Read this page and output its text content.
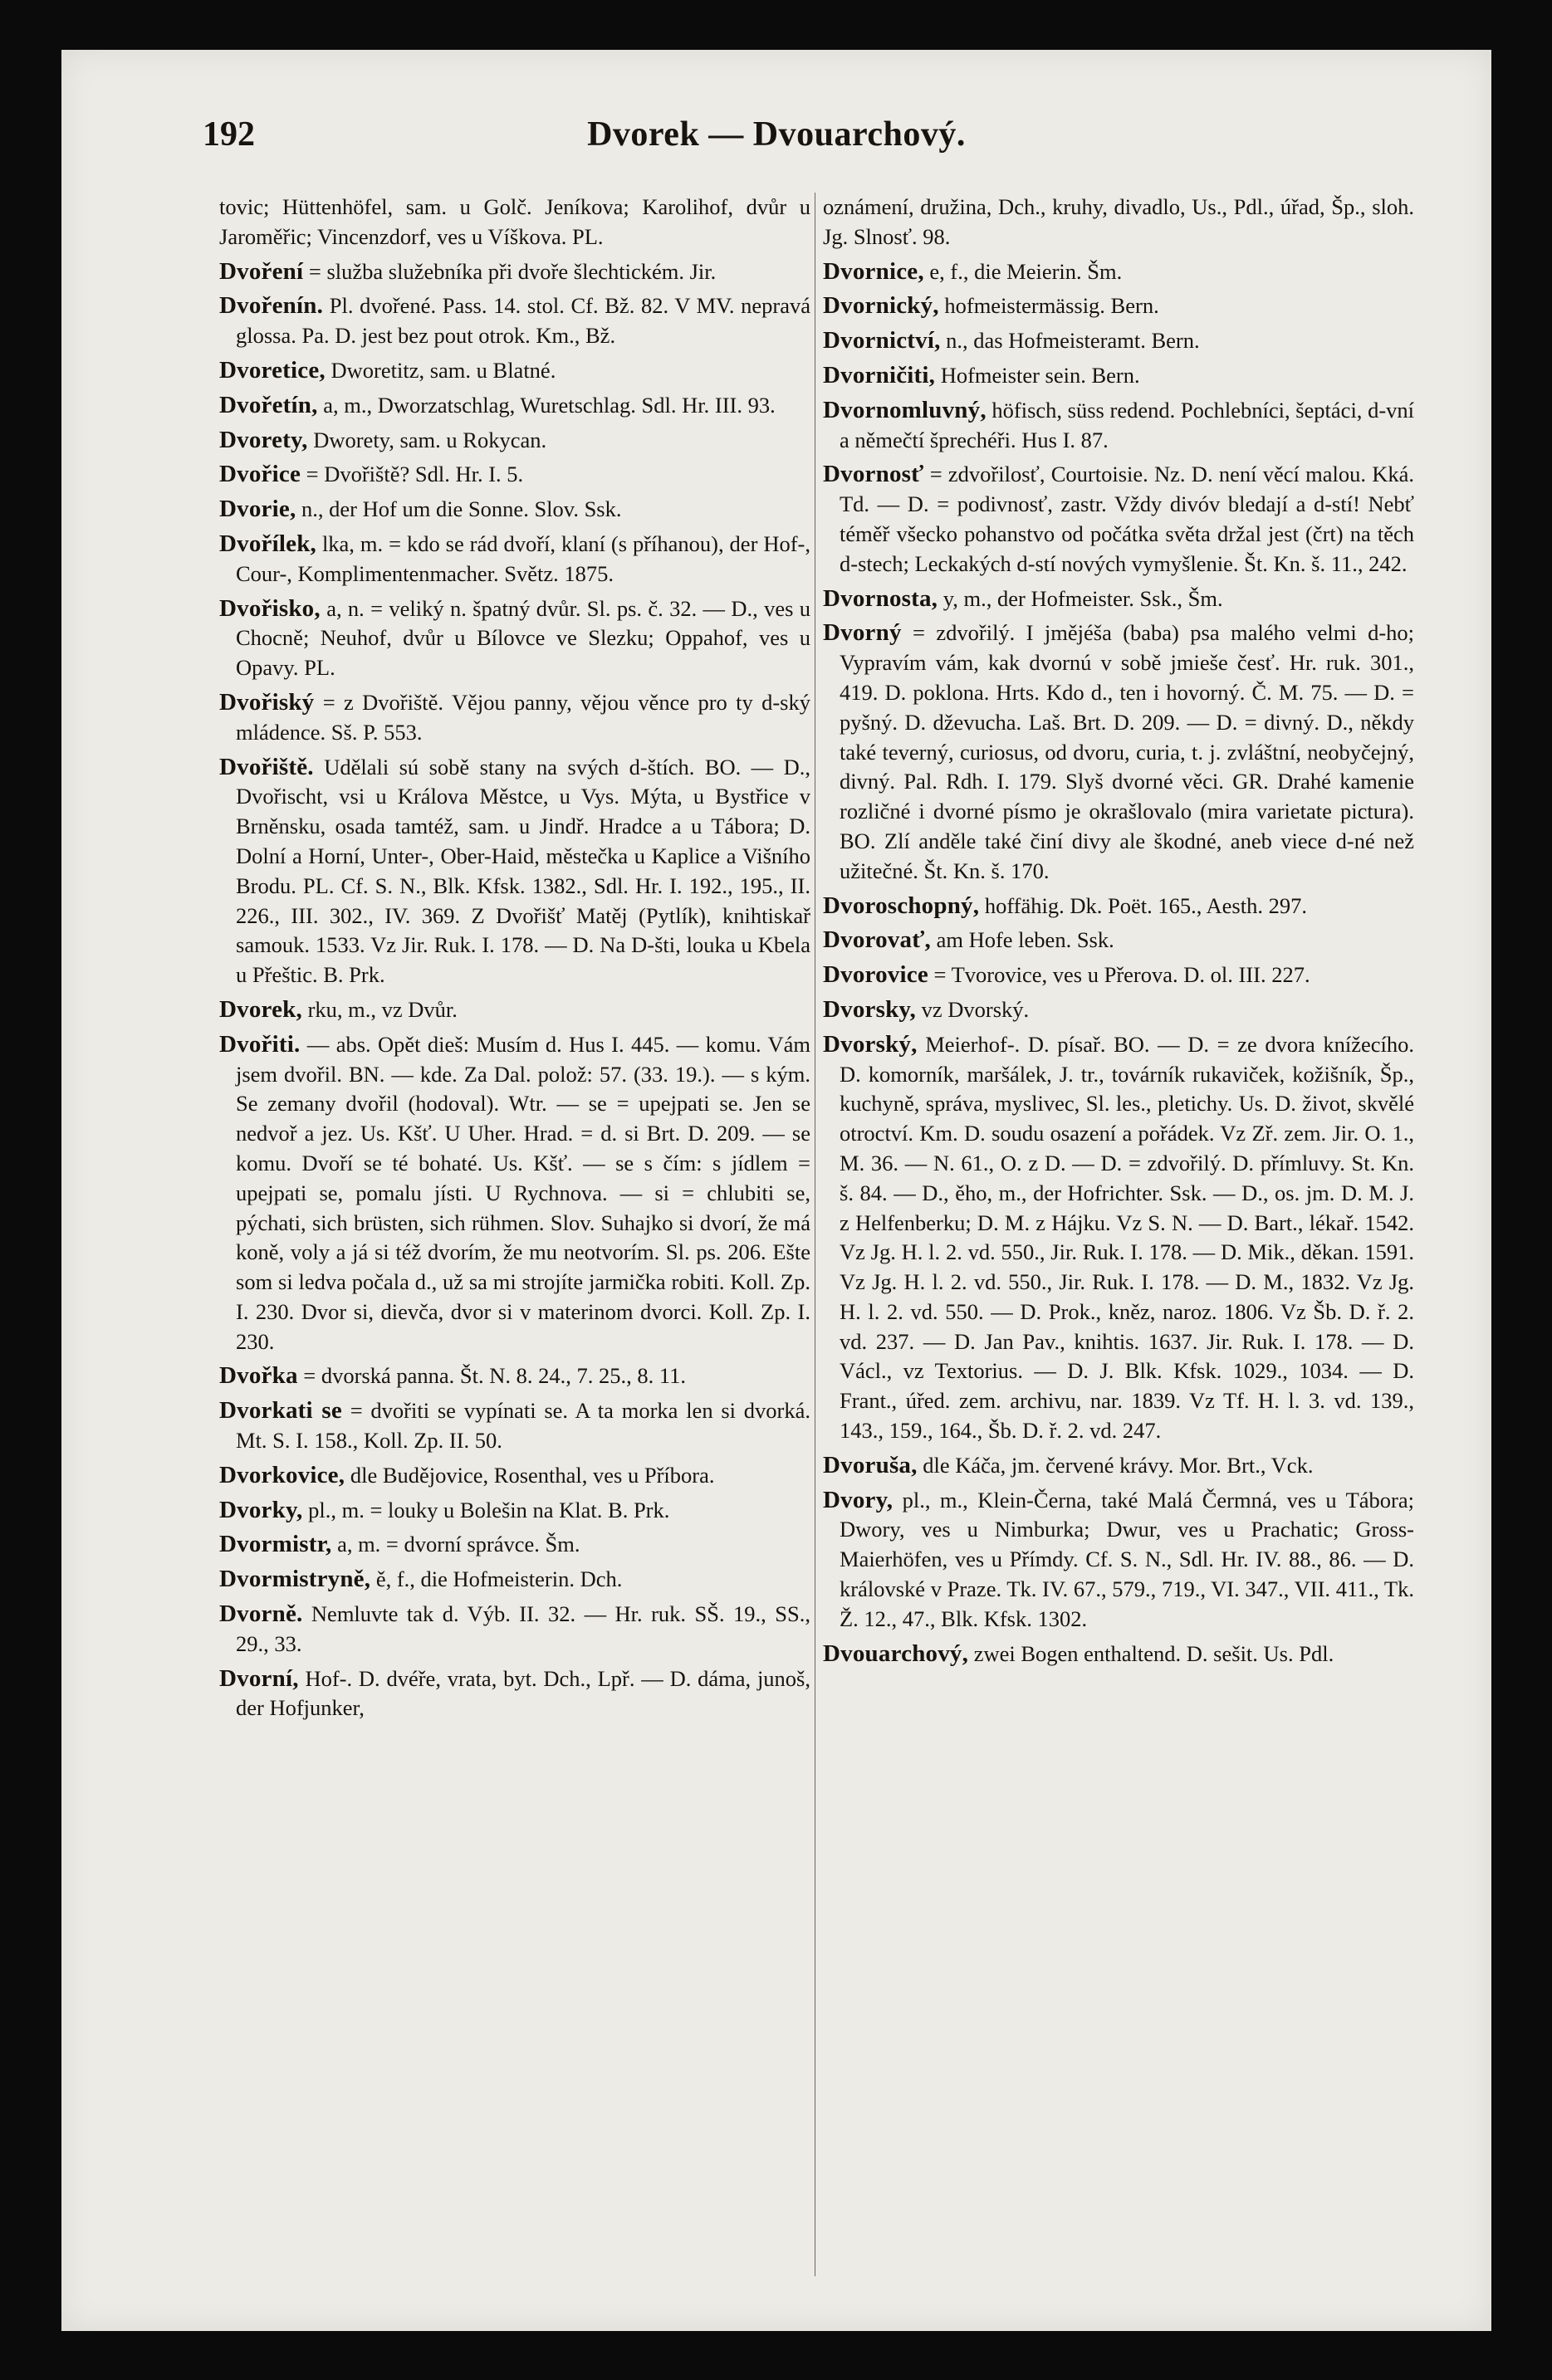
192	Dvorek — Dvouarchový.

tovic; Hüttenhöfel, sam. u Golč. Jeníkova; Karolihof, dvůr u Jaroměřic; Vincenzdorf, ves u Víškova. PL.

Dvoření = služba služebníka při dvoře šlechtickém. Jir.

Dvořenín. Pl. dvořené. Pass. 14. stol. Cf. Bž. 82. V MV. nepravá glossa. Pa. D. jest bez pout otrok. Km., Bž.

Dvoretice, Dworetitz, sam. u Blatné.

Dvořetín, a, m., Dworzatschlag, Wuretschlag. Sdl. Hr. III. 93.

Dvorety, Dworety, sam. u Rokycan.

Dvořice = Dvořiště? Sdl. Hr. I. 5.

Dvorie, n., der Hof um die Sonne. Slov. Ssk.

Dvořílek, lka, m. = kdo se rád dvoří, klaní (s příhanou), der Hof-, Cour-, Komplimentenmacher. Světz. 1875.

Dvořisko, a, n. = veliký n. špatný dvůr. Sl. ps. č. 32. — D., ves u Chocně; Neuhof, dvůr u Bílovce ve Slezku; Oppahof, ves u Opavy. PL.

Dvořiský = z Dvořiště. Vějou panny, vějou věnce pro ty d-ský mládence. Sš. P. 553.

Dvořiště. Udělali sú sobě stany na svých d-štích. BO. — D., Dvořischt, vsi u Králova Městce, u Vys. Mýta, u Bystřice v Brněnsku, osada tamtéž, sam. u Jindř. Hradce a u Tábora; D. Dolní a Horní, Unter-, Ober-Haid, městečka u Kaplice a Višního Brodu. PL. Cf. S. N., Blk. Kfsk. 1382., Sdl. Hr. I. 192., 195., II. 226., III. 302., IV. 369. Z Dvořišť Matěj (Pytlík), knihtiskař samouk. 1533. Vz Jir. Ruk. I. 178. — D. Na D-šti, louka u Kbela u Přeštic. B. Prk.

Dvorek, rku, m., vz Dvůr.

Dvořiti. — abs. Opět dieš: Musím d. Hus I. 445. — komu. Vám jsem dvořil. BN. — kde. Za Dal. polož: 57. (33. 19.). — s kým. Se zemany dvořil (hodoval). Wtr. — se = upejpati se. Jen se nedvoř a jez. Us. Kšť. U Uher. Hrad. = d. si Brt. D. 209. — se komu. Dvoří se té bohaté. Us. Kšť. — se s čím: s jídlem = upejpati se, pomalu jísti. U Rychnova. — si = chlubiti se, pýchati, sich brüsten, sich rühmen. Slov. Suhajko si dvorí, že má koně, voly a já si též dvorím, že mu neotvorím. Sl. ps. 206. Ešte som si ledva počala d., už sa mi strojíte jarmička robiti. Koll. Zp. I. 230. Dvor si, dievča, dvor si v materinom dvorci. Koll. Zp. I. 230.

Dvořka = dvorská panna. Št. N. 8. 24., 7. 25., 8. 11.

Dvorkati se = dvořiti se vypínati se. A ta morka len si dvorká. Mt. S. I. 158., Koll. Zp. II. 50.

Dvorkovice, dle Budějovice, Rosenthal, ves u Příbora.

Dvorky, pl., m. = louky u Bolešin na Klat. B. Prk.

Dvormistr, a, m. = dvorní správce. Šm.

Dvormistryně, ě, f., die Hofmeisterin. Dch.

Dvorně. Nemluvte tak d. Výb. II. 32. — Hr. ruk. SŠ. 19., SS., 29., 33.

Dvorní, Hof-. D. dvéře, vrata, byt. Dch., Lpř. — D. dáma, junoš, der Hofjunker,

oznámení, družina, Dch., kruhy, divadlo, Us., Pdl., úřad, Šp., sloh. Jg. Slnosť. 98.

Dvornice, e, f., die Meierin. Šm.

Dvornický, hofmeistermässig. Bern.

Dvornictví, n., das Hofmeisteramt. Bern.

Dvorničiti, Hofmeister sein. Bern.

Dvornomluvný, höfisch, süss redend. Pochlebníci, šeptáci, d-vní a němečtí šprechéři. Hus I. 87.

Dvornosť = zdvořilosť, Courtoisie. Nz. D. není věcí malou. Kká. Td. — D. = podivnosť, zastr. Vždy divóv bledají a d-stí! Nebť téměř všecko pohanstvo od počátka světa držal jest (črt) na těch d-stech; Leckakých d-stí nových vymyšlenie. Št. Kn. š. 11., 242.

Dvornosta, y, m., der Hofmeister. Ssk., Šm.

Dvorný = zdvořilý. I jmějéša (baba) psa malého velmi d-ho; Vypravím vám, kak dvornú v sobě jmieše česť. Hr. ruk. 301., 419. D. poklona. Hrts. Kdo d., ten i hovorný. Č. M. 75. — D. = pyšný. D. dževucha. Laš. Brt. D. 209. — D. = divný. D., někdy také teverný, curiosus, od dvoru, curia, t. j. zvláštní, neobyčejný, divný. Pal. Rdh. I. 179. Slyš dvorné věci. GR. Drahé kamenie rozličné i dvorné písmo je okrašlovalo (mira varietate pictura). BO. Zlí anděle také činí divy ale škodné, aneb viece d-né než užitečné. Št. Kn. š. 170.

Dvoroschopný, hoffähig. Dk. Poët. 165., Aesth. 297.

Dvorovať, am Hofe leben. Ssk.

Dvorovice = Tvorovice, ves u Přerova. D. ol. III. 227.

Dvorsky, vz Dvorský.

Dvorský, Meierhof-. D. písař. BO. — D. = ze dvora knížecího. D. komorník, maršálek, J. tr., továrník rukaviček, kožišník, Šp., kuchyně, správa, myslivec, Sl. les., pletichy. Us. D. život, skvělé otroctví. Km. D. soudu osazení a pořádek. Vz Zř. zem. Jir. O. 1., M. 36. — N. 61., O. z D. — D. = zdvořilý. D. přímluvy. St. Kn. š. 84. — D., ěho, m., der Hofrichter. Ssk. — D., os. jm. D. M. J. z Helfenberku; D. M. z Hájku. Vz S. N. — D. Bart., lékař. 1542. Vz Jg. H. l. 2. vd. 550., Jir. Ruk. I. 178. — D. Mik., děkan. 1591. Vz Jg. H. l. 2. vd. 550., Jir. Ruk. I. 178. — D. M., 1832. Vz Jg. H. l. 2. vd. 550. — D. Prok., kněz, naroz. 1806. Vz Šb. D. ř. 2. vd. 237. — D. Jan Pav., knihtis. 1637. Jir. Ruk. I. 178. — D. Václ., vz Textorius. — D. J. Blk. Kfsk. 1029., 1034. — D. Frant., úřed. zem. archivu, nar. 1839. Vz Tf. H. l. 3. vd. 139., 143., 159., 164., Šb. D. ř. 2. vd. 247.

Dvoruša, dle Káča, jm. červené krávy. Mor. Brt., Vck.

Dvory, pl., m., Klein-Černa, také Malá Čermná, ves u Tábora; Dwory, ves u Nimburka; Dwur, ves u Prachatic; Gross-Maierhöfen, ves u Přímdy. Cf. S. N., Sdl. Hr. IV. 88., 86. — D. královské v Praze. Tk. IV. 67., 579., 719., VI. 347., VII. 411., Tk. Ž. 12., 47., Blk. Kfsk. 1302.

Dvouarchový, zwei Bogen enthaltend. D. sešit. Us. Pdl.
